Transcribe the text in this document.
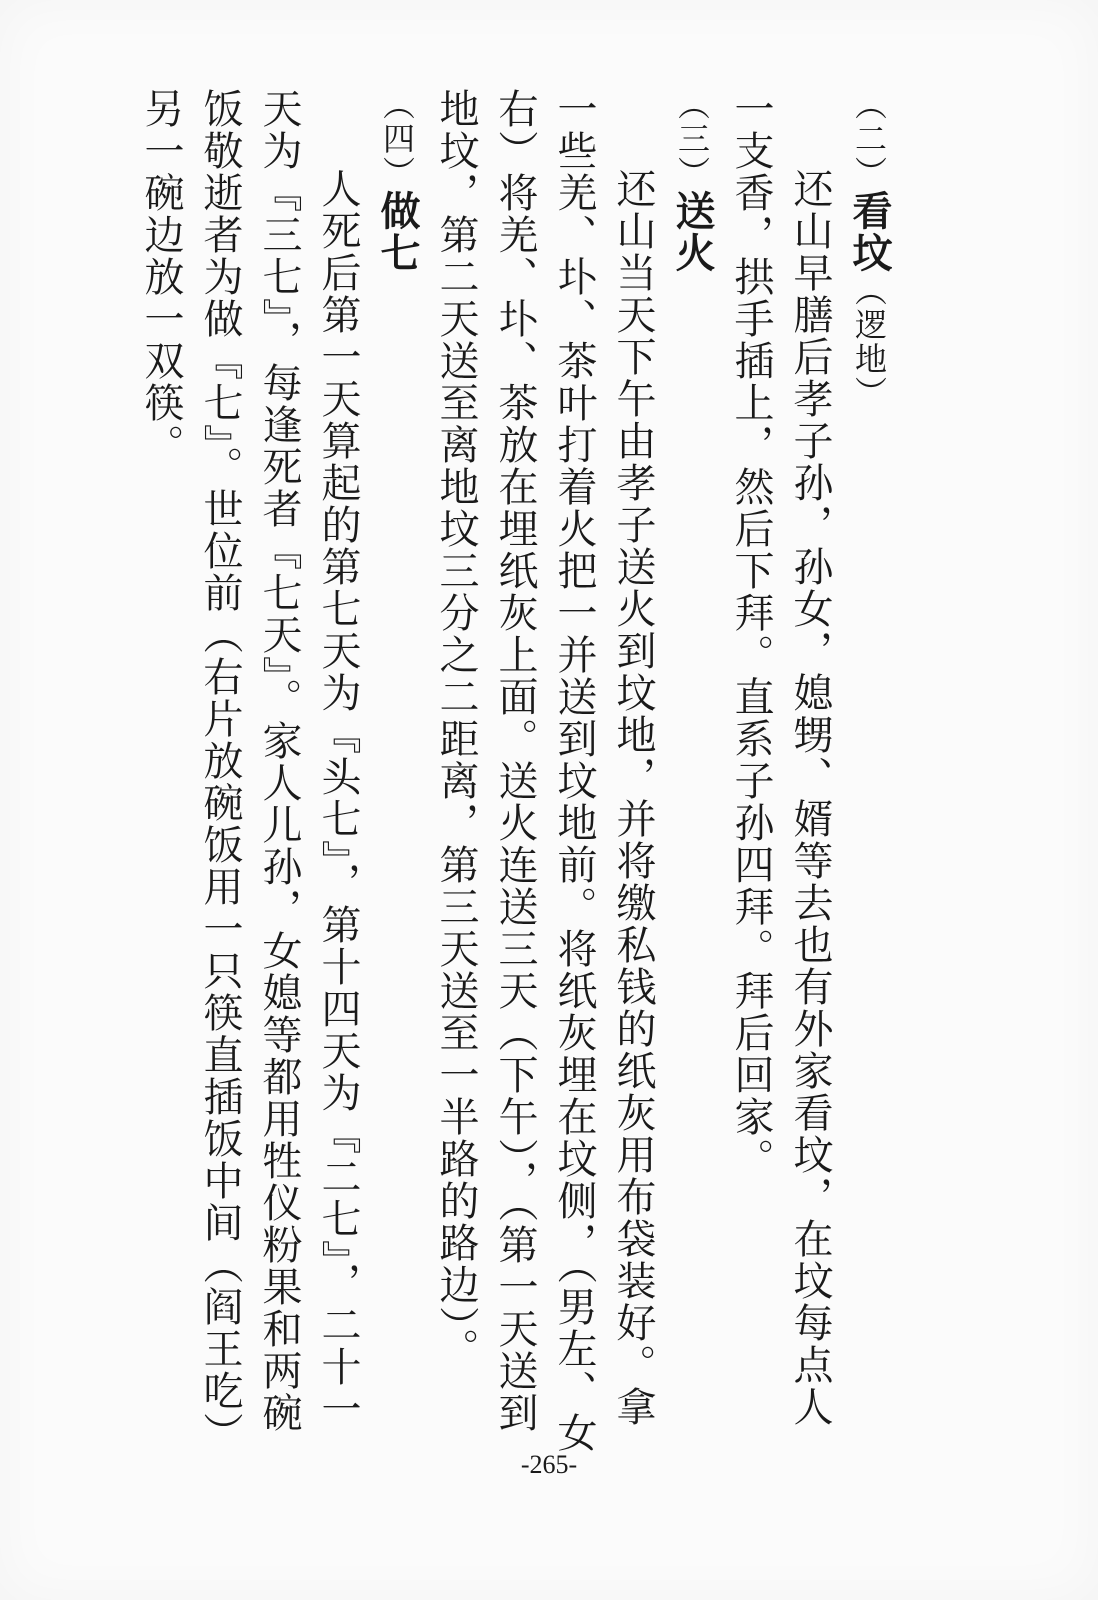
（二）看坟（逻地）

还山早膳后孝子孙，孙女，媳甥、婿等去也有外家看坟，在坟每点人一支香，拱手插上，然后下拜。直系子孙四拜。拜后回家。

（三）送火

还山当天下午由孝子送火到坟地，并将缴私钱的纸灰用布袋装好。拿一些羌、圤、茶叶打着火把一并送到坟地前。将纸灰埋在坟侧，（男左、女右）将羌、圤、茶放在埋纸灰上面。送火连送三天（下午），（第一天送到地坟，第二天送至离地坟三分之二距离，第三天送至一半路的路边）。

（四）做七

人死后第一天算起的第七天为『头七』，第十四天为『二七』，二十一天为『三七』，每逢死者『七天』。家人儿孙，女媳等都用牲仪粉果和两碗饭敬逝者为做『七』。世位前（右片放碗饭用一只筷直插饭中间（阎王吃）另一碗边放一双筷。

-265-
